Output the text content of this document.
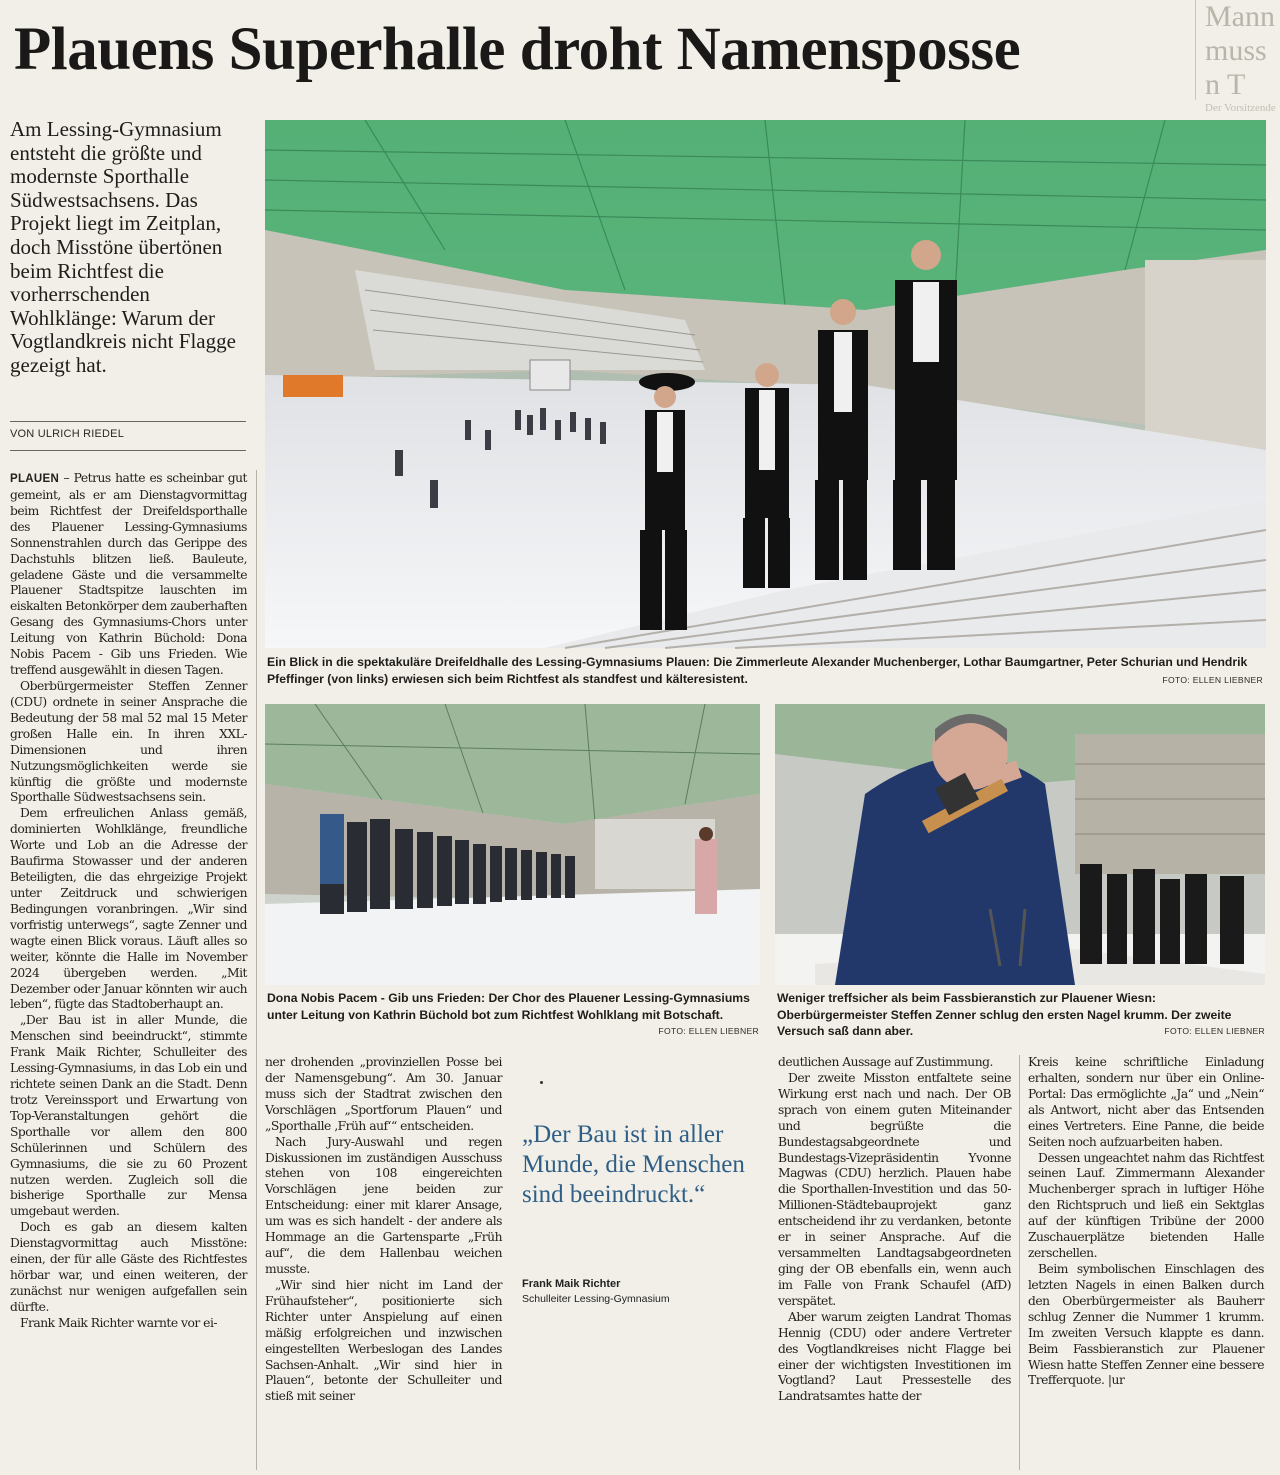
Mann muss
n T
Der Vorsitzende
Plauens Superhalle droht Namensposse
Am Lessing-Gymnasium entsteht die größte und modernste Sporthalle Südwestsachsens. Das Projekt liegt im Zeitplan, doch Misstöne übertönen beim Richtfest die vorherrschenden Wohlklänge: Warum der Vogtlandkreis nicht Flagge gezeigt hat.
VON ULRICH RIEDEL

PLAUEN – Petrus hatte es scheinbar gut gemeint, als er am Dienstagvormittag beim Richtfest der Dreifeldsporthalle des Plauener Lessing-Gymnasiums Sonnenstrahlen durch das Gerippe des Dachstuhls blitzen ließ. Bauleute, geladene Gäste und die versammelte Plauener Stadtspitze lauschten im eiskalten Betonkörper dem zauberhaften Gesang des Gymnasiums-Chors unter Leitung von Kathrin Büchold: Dona Nobis Pacem - Gib uns Frieden. Wie treffend ausgewählt in diesen Tagen.

Oberbürgermeister Steffen Zenner (CDU) ordnete in seiner Ansprache die Bedeutung der 58 mal 52 mal 15 Meter großen Halle ein. In ihren XXL-Dimensionen und ihren Nutzungsmöglichkeiten werde sie künftig die größte und modernste Sporthalle Südwestsachsens sein.

Dem erfreulichen Anlass gemäß, dominierten Wohlklänge, freundliche Worte und Lob an die Adresse der Baufirma Stowasser und der anderen Beteiligten, die das ehrgeizige Projekt unter Zeitdruck und schwierigen Bedingungen voranbringen. „Wir sind vorfristig unterwegs“, sagte Zenner und wagte einen Blick voraus. Läuft alles so weiter, könnte die Halle im November 2024 übergeben werden. „Mit Dezember oder Januar könnten wir auch leben“, fügte das Stadtoberhaupt an.

„Der Bau ist in aller Munde, die Menschen sind beeindruckt“, stimmte Frank Maik Richter, Schulleiter des Lessing-Gymnasiums, in das Lob ein und richtete seinen Dank an die Stadt. Denn trotz Vereinssport und Erwartung von Top-Veranstaltungen gehört die Sporthalle vor allem den 800 Schülerinnen und Schülern des Gymnasiums, die sie zu 60 Prozent nutzen werden. Zugleich soll die bisherige Sporthalle zur Mensa umgebaut werden.

Doch es gab an diesem kalten Dienstagvormittag auch Misstöne: einen, der für alle Gäste des Richtfestes hörbar war, und einen weiteren, der zunächst nur wenigen aufgefallen sein dürfte.

Frank Maik Richter warnte vor ei-

Ein Blick in die spektakuläre Dreifeldhalle des Lessing-Gymnasiums Plauen: Die Zimmerleute Alexander Muchenberger, Lothar Baumgartner, Peter Schurian und Hendrik Pfeffinger (von links) erwiesen sich beim Richtfest als standfest und kälteresistent.	FOTO: ELLEN LIEBNER
Dona Nobis Pacem - Gib uns Frieden: Der Chor des Plauener Lessing-Gymnasiums unter Leitung von Kathrin Büchold bot zum Richtfest Wohlklang mit Botschaft.
FOTO: ELLEN LIEBNER
Weniger treffsicher als beim Fassbieranstich zur Plauener Wiesn: Oberbürgermeister Steffen Zenner schlug den ersten Nagel krumm. Der zweite Versuch saß dann aber.	FOTO: ELLEN LIEBNER

ner drohenden „provinziellen Posse bei der Namensgebung“. Am 30. Januar muss sich der Stadtrat zwischen den Vorschlägen „Sportforum Plauen“ und „Sporthalle ‚Früh auf‘“ entscheiden.

Nach Jury-Auswahl und regen Diskussionen im zuständigen Ausschuss stehen von 108 eingereichten Vorschlägen jene beiden zur Entscheidung: einer mit klarer Ansage, um was es sich handelt - der andere als Hommage an die Gartensparte „Früh auf“, die dem Hallenbau weichen musste.

„Wir sind hier nicht im Land der Frühaufsteher“, positionierte sich Richter unter Anspielung auf einen mäßig erfolgreichen und inzwischen eingestellten Werbeslogan des Landes Sachsen-Anhalt. „Wir sind hier in Plauen“, betonte der Schulleiter und stieß mit seiner

„Der Bau ist in aller Munde, die Menschen sind beeindruckt.“
Frank Maik Richter
Schulleiter Lessing-Gymnasium

deutlichen Aussage auf Zustimmung.

Der zweite Misston entfaltete seine Wirkung erst nach und nach. Der OB sprach von einem guten Miteinander und begrüßte die Bundestagsabgeordnete und Bundestags-Vizepräsidentin Yvonne Magwas (CDU) herzlich. Plauen habe die Sporthallen-Investition und das 50-Millionen-Städtebauprojekt ganz entscheidend ihr zu verdanken, betonte er in seiner Ansprache. Auf die versammelten Landtagsabgeordneten ging der OB ebenfalls ein, wenn auch im Falle von Frank Schaufel (AfD) verspätet.

Aber warum zeigten Landrat Thomas Hennig (CDU) oder andere Vertreter des Vogtlandkreises nicht Flagge bei einer der wichtigsten Investitionen im Vogtland? Laut Pressestelle des Landratsamtes hatte der

Kreis keine schriftliche Einladung erhalten, sondern nur über ein Online-Portal: Das ermöglichte „Ja“ und „Nein“ als Antwort, nicht aber das Entsenden eines Vertreters. Eine Panne, die beide Seiten noch aufzuarbeiten haben.

Dessen ungeachtet nahm das Richtfest seinen Lauf. Zimmermann Alexander Muchenberger sprach in luftiger Höhe den Richtspruch und ließ ein Sektglas auf der künftigen Tribüne der 2000 Zuschauerplätze bietenden Halle zerschellen.

Beim symbolischen Einschlagen des letzten Nagels in einen Balken durch den Oberbürgermeister als Bauherr schlug Zenner die Nummer 1 krumm. Im zweiten Versuch klappte es dann. Beim Fassbieranstich zur Plauener Wiesn hatte Steffen Zenner eine bessere Trefferquote. |ur
